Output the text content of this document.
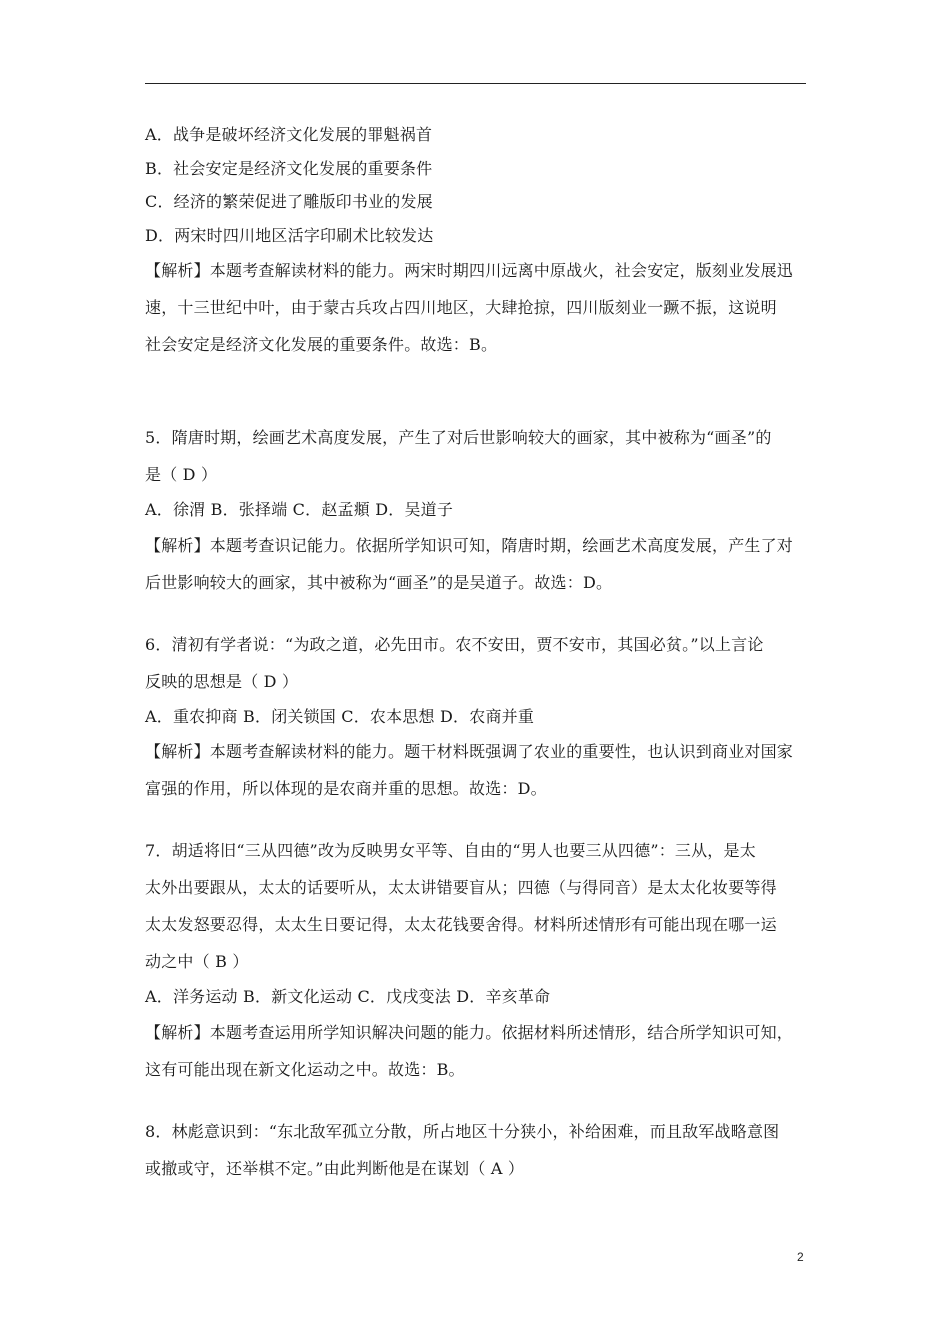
A．战争是破坏经济文化发展的罪魁祸首
B．社会安定是经济文化发展的重要条件
C．经济的繁荣促进了雕版印书业的发展
D．两宋时四川地区活字印刷术比较发达
【解析】本题考查解读材料的能力。两宋时期四川远离中原战火，社会安定，版刻业发展迅
速，十三世纪中叶，由于蒙古兵攻占四川地区，大肆抢掠，四川版刻业一蹶不振，这说明
社会安定是经济文化发展的重要条件。故选：B。
5．隋唐时期，绘画艺术高度发展，产生了对后世影响较大的画家，其中被称为“画圣”的
是（ D ）
A．徐渭 B．张择端 C．赵孟頫 D．吴道子
【解析】本题考查识记能力。依据所学知识可知，隋唐时期，绘画艺术高度发展，产生了对
后世影响较大的画家，其中被称为“画圣”的是吴道子。故选：D。
6．清初有学者说：“为政之道，必先田市。农不安田，贾不安市，其国必贫。”以上言论
反映的思想是（ D ）
A．重农抑商 B．闭关锁国 C．农本思想 D．农商并重
【解析】本题考查解读材料的能力。题干材料既强调了农业的重要性，也认识到商业对国家
富强的作用，所以体现的是农商并重的思想。故选：D。
7．胡适将旧“三从四德”改为反映男女平等、自由的“男人也要三从四德”：三从，是太
太外出要跟从，太太的话要听从，太太讲错要盲从；四德（与得同音）是太太化妆要等得
太太发怒要忍得，太太生日要记得，太太花钱要舍得。材料所述情形有可能出现在哪一运
动之中（ B ）
A．洋务运动 B．新文化运动 C．戊戌变法 D．辛亥革命
【解析】本题考查运用所学知识解决问题的能力。依据材料所述情形，结合所学知识可知，
这有可能出现在新文化运动之中。故选：B。
8．林彪意识到：“东北敌军孤立分散，所占地区十分狭小，补给困难，而且敌军战略意图
或撤或守，还举棋不定。”由此判断他是在谋划（ A ）
2
